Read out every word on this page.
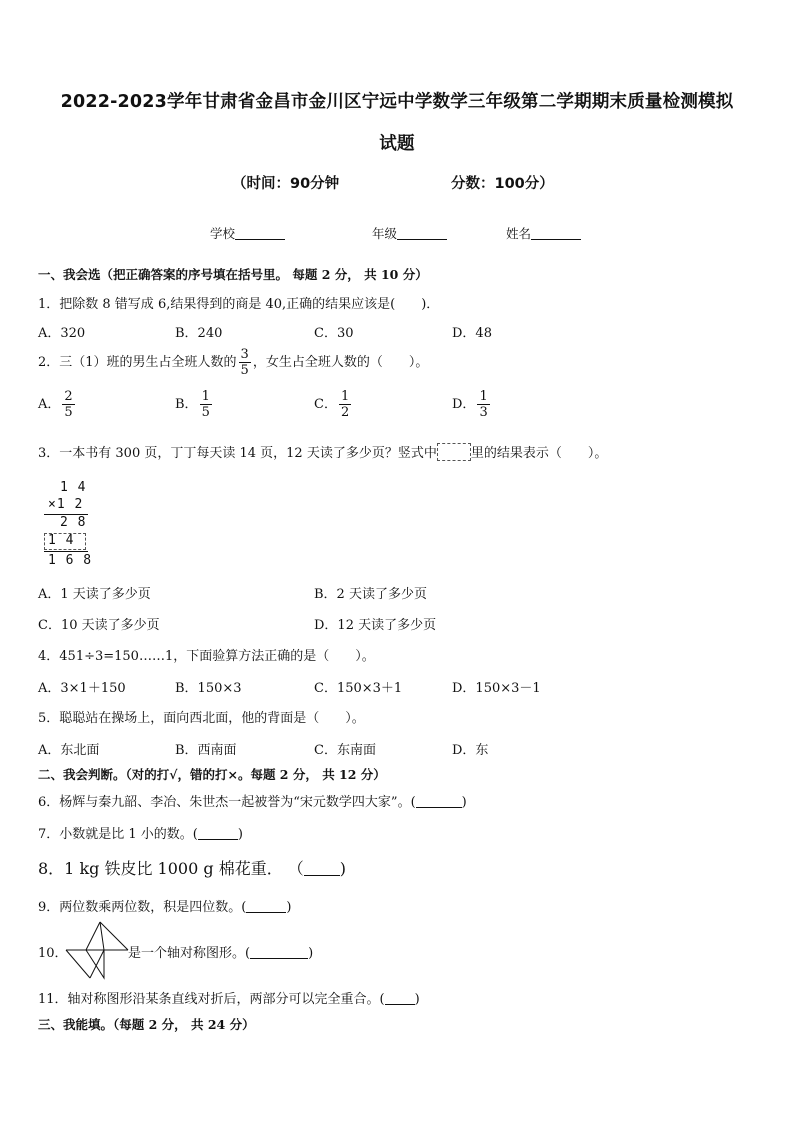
2022-2023学年甘肃省金昌市金川区宁远中学数学三年级第二学期期末质量检测模拟
试题
（时间：90分钟	分数：100分）
学校	年级	姓名
一、我会选（把正确答案的序号填在括号里。 每题 2 分， 共 10 分）
1．把除数 8 错写成 6,结果得到的商是 40,正确的结果应该是(　　)．
A．320	B．240	C．30	D．48
2．三（1）班的男生占全班人数的 $\frac{3}{5}$ ，女生占全班人数的（　　）。
A． $\frac{2}{5}$	B． $\frac{1}{5}$	C． $\frac{1}{2}$	D． $\frac{1}{3}$
3．一本书有 300 页，丁丁每天读 14 页，12 天读了多少页？竖式中	里的结果表示（　　）。
1 4
×1 2
2 8
1 4
1 6 8
A．1 天读了多少页	B．2 天读了多少页
C．10 天读了多少页	D．12 天读了多少页
4．451÷3=150……1，下面验算方法正确的是（　　）。
A．3×1＋150	B．150×3	C．150×3＋1	D．150×3－1
5．聪聪站在操场上，面向西北面，他的背面是（　　）。
A．东北面	B．西南面	C．东南面	D．东
二、我会判断。（对的打√，错的打×。每题 2 分， 共 12 分）
6．杨辉与秦九韶、李冶、朱世杰一起被誉为“宋元数学四大家”。(	)
7．小数就是比 1 小的数。(	)
8．1 kg 铁皮比 1000 g 棉花重． （ )
9．两位数乘两位数，积是四位数。(	)
10．	是一个轴对称图形。(	)
11．轴对称图形沿某条直线对折后，两部分可以完全重合。( )
三、我能填。（每题 2 分， 共 24 分）
